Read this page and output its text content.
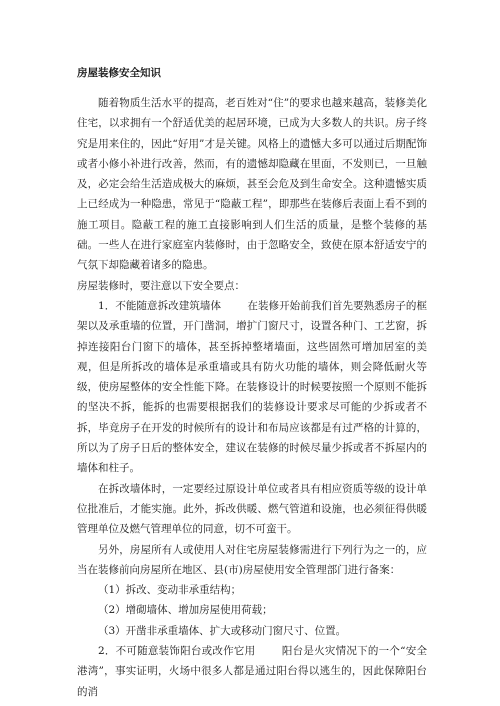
房屋装修安全知识

随着物质生活水平的提高，老百姓对“住”的要求也越来越高，装修美化住宅，以求拥有一个舒适优美的起居环境，已成为大多数人的共识。房子终究是用来住的，因此“好用”才是关键。风格上的遗憾大多可以通过后期配饰或者小修小补进行改善，然而，有的遗憾却隐藏在里面，不发则已，一旦触及，必定会给生活造成极大的麻烦，甚至会危及到生命安全。这种遗憾实质上已经成为一种隐患，常见于“隐蔽工程”，即那些在装修后表面上看不到的施工项目。隐蔽工程的施工直接影响到人们生活的质量，是整个装修的基础。一些人在进行家庭室内装修时，由于忽略安全，致使在原本舒适安宁的气氛下却隐藏着诸多的隐患。

房屋装修时，要注意以下安全要点：

1．不能随意拆改建筑墙体	在装修开始前我们首先要熟悉房子的框架以及承重墙的位置，开门凿洞，增扩门窗尺寸，设置各种门、工艺窗，拆掉连接阳台门窗下的墙体，甚至拆掉整堵墙面，这些固然可增加居室的美观，但是所拆改的墙体是承重墙或具有防火功能的墙体，则会降低耐火等级，使房屋整体的安全性能下降。在装修设计的时候要按照一个原则不能拆的坚决不拆，能拆的也需要根据我们的装修设计要求尽可能的少拆或者不拆，毕竟房子在开发的时候所有的设计和布局应该都是有过严格的计算的，所以为了房子日后的整体安全，建议在装修的时候尽量少拆或者不拆屋内的墙体和柱子。

在拆改墙体时，一定要经过原设计单位或者具有相应资质等级的设计单位批准后，才能实施。此外，拆改供暖、燃气管道和设施，也必须征得供暖管理单位及燃气管理单位的同意，切不可蛮干。

另外，房屋所有人或使用人对住宅房屋装修需进行下列行为之一的，应当在装修前向房屋所在地区、县(市)房屋使用安全管理部门进行备案：

（1）拆改、变动非承重结构；

（2）增砌墙体、增加房屋使用荷载；

（3）开凿非承重墙体、扩大或移动门窗尺寸、位置。

2．不可随意装饰阳台或改作它用	阳台是火灾情况下的一个“安全港湾”，事实证明，火场中很多人都是通过阳台得以逃生的，因此保障阳台的消
